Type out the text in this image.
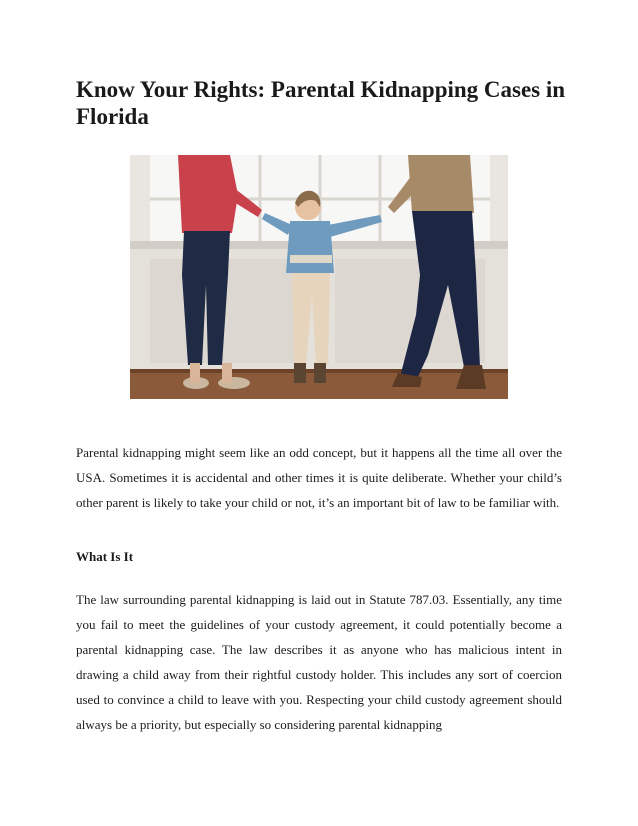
Know Your Rights: Parental Kidnapping Cases in Florida

Parental kidnapping might seem like an odd concept, but it happens all the time all over the USA. Sometimes it is accidental and other times it is quite deliberate. Whether your child’s other parent is likely to take your child or not, it’s an important bit of law to be familiar with.

What Is It

The law surrounding parental kidnapping is laid out in Statute 787.03. Essentially, any time you fail to meet the guidelines of your custody agreement, it could potentially become a parental kidnapping case. The law describes it as anyone who has malicious intent in drawing a child away from their rightful custody holder. This includes any sort of coercion used to convince a child to leave with you. Respecting your child custody agreement should always be a priority, but especially so considering parental kidnapping
